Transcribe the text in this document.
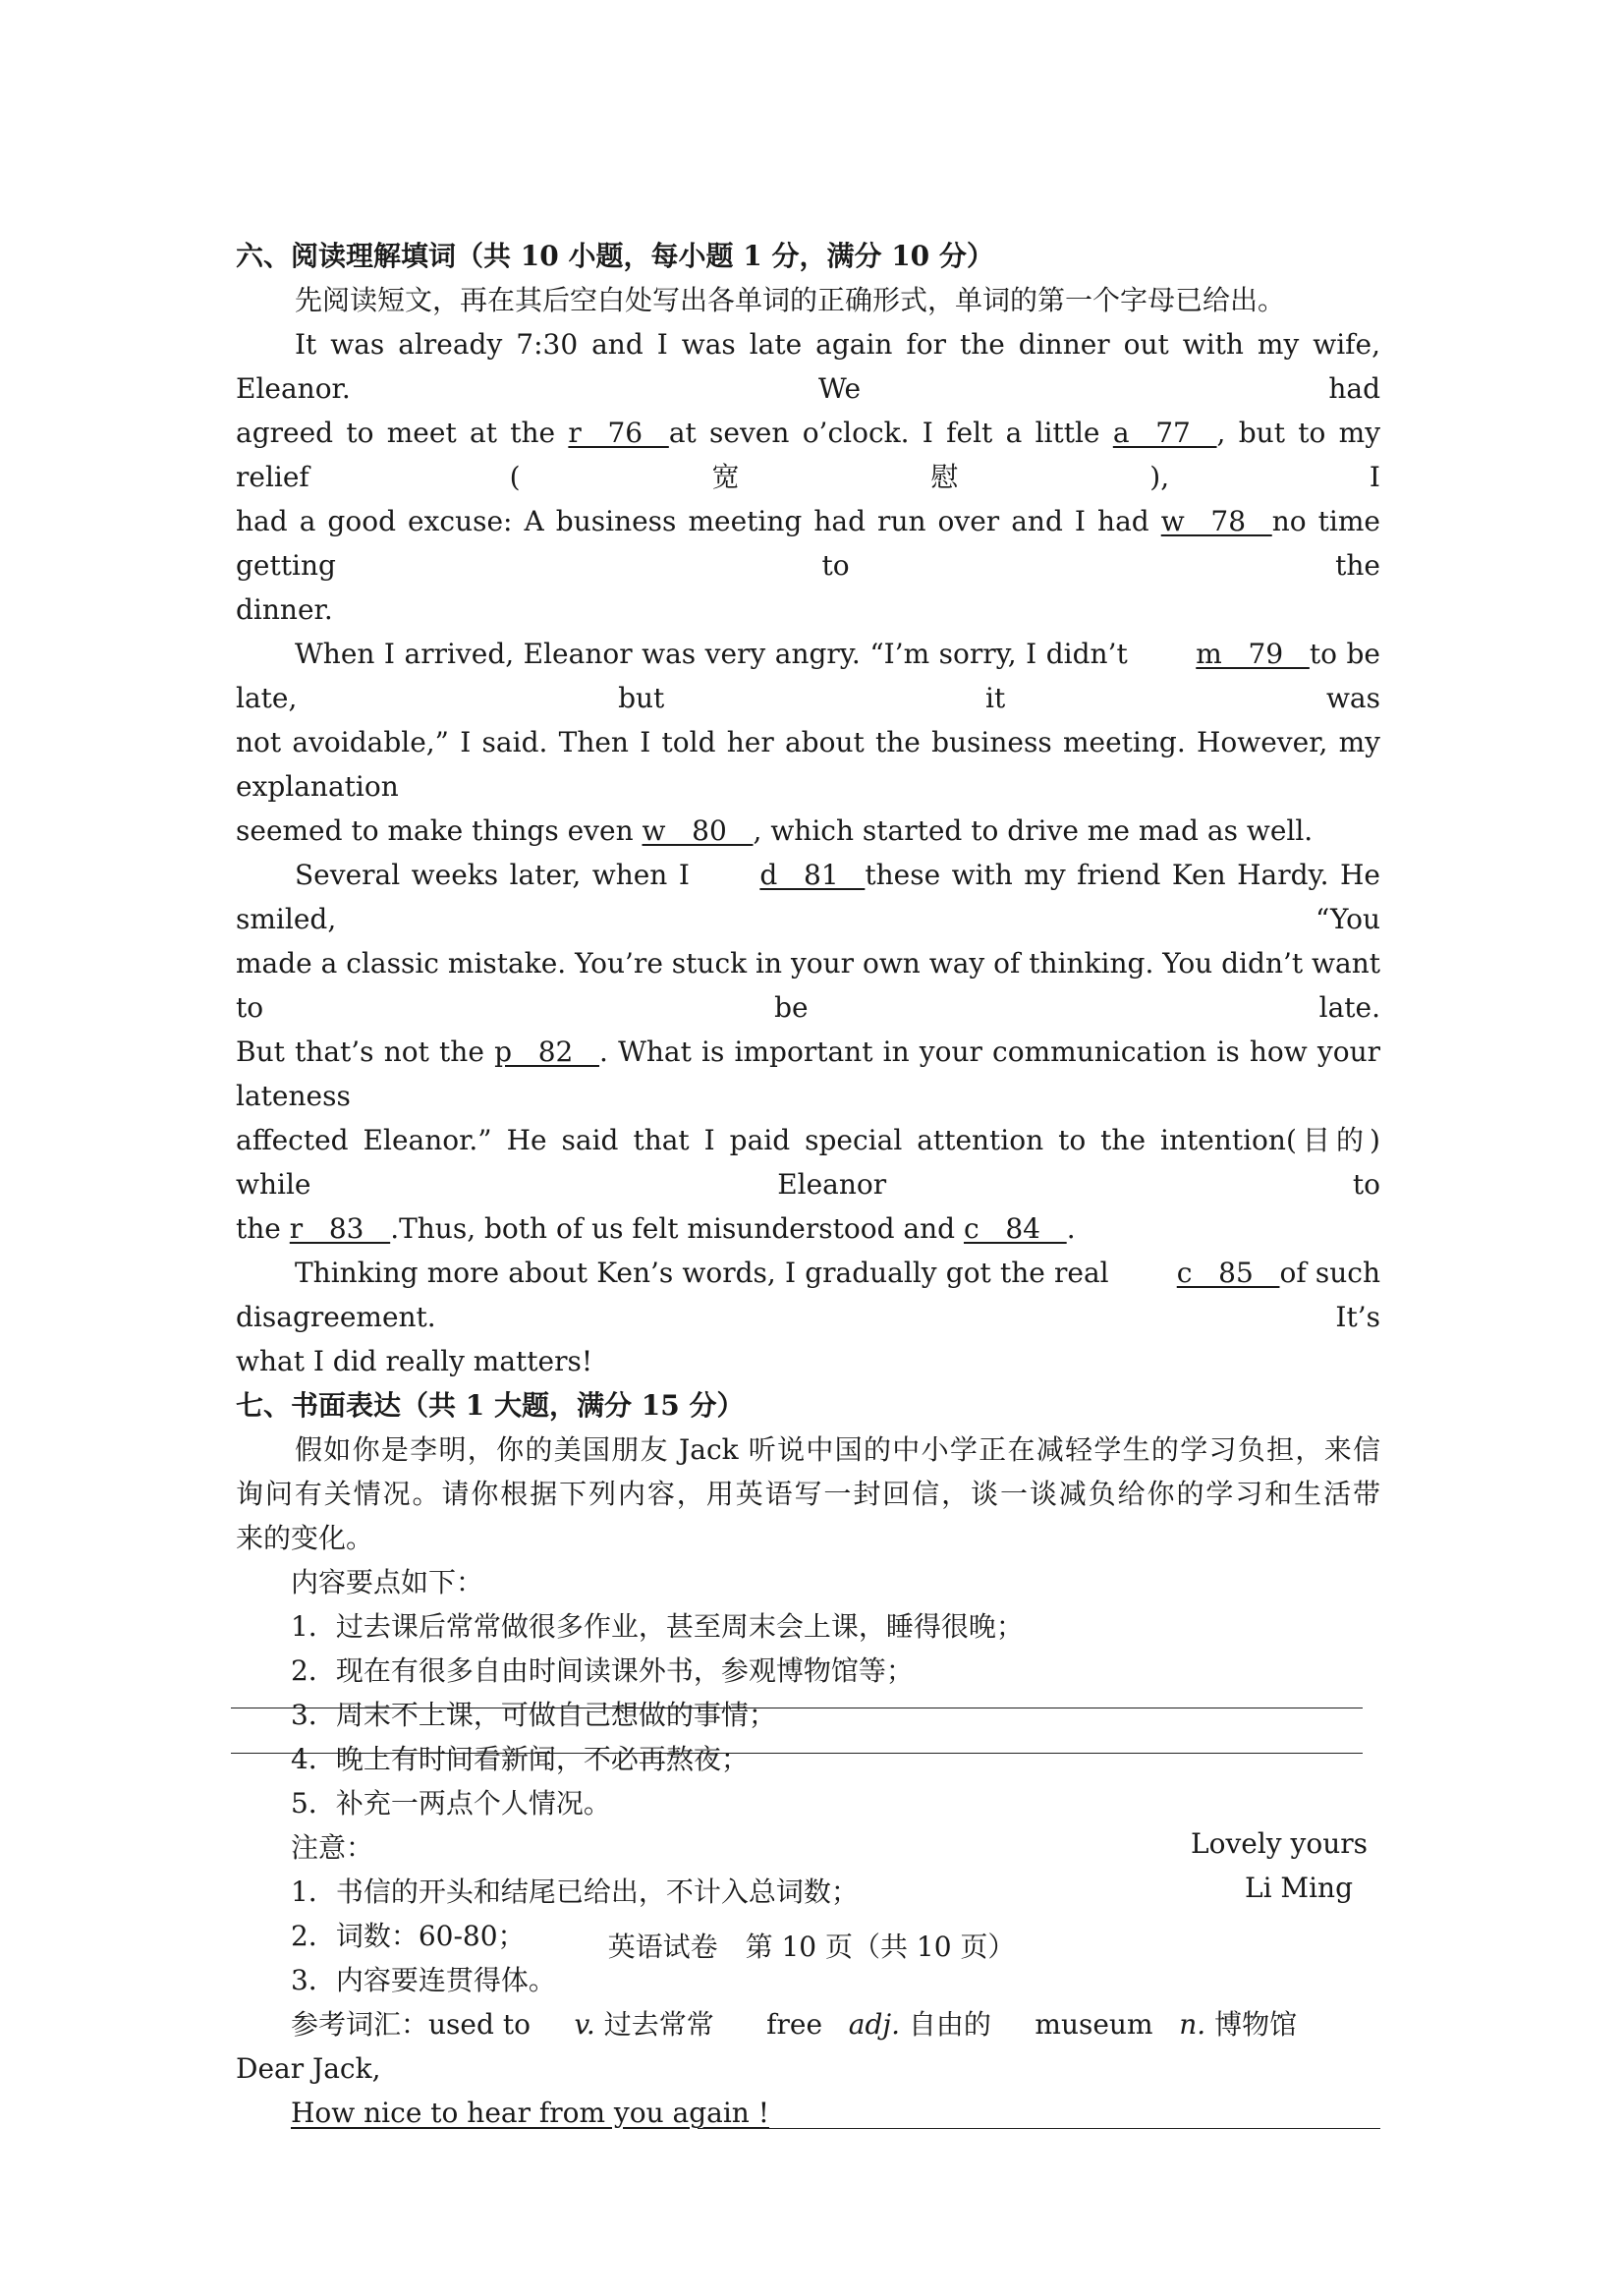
六、阅读理解填词（共 10 小题，每小题 1 分，满分 10 分）

先阅读短文，再在其后空白处写出各单词的正确形式，单词的第一个字母已给出。

It was already 7:30 and I was late again for the dinner out with my wife, Eleanor. We had

agreed to meet at the r   76   at seven o’clock. I felt a little a   77   , but to my relief (宽慰), I

had a good excuse: A business meeting had run over and I had w   78   no time getting to the

dinner.

When I arrived, Eleanor was very angry. “I’m sorry, I didn’t m   79   to be late, but it was

not avoidable,” I said. Then I told her about the business meeting. However, my explanation

seemed to make things even w   80   , which started to drive me mad as well.

Several weeks later, when I d   81   these with my friend Ken Hardy. He smiled, “You

made a classic mistake. You’re stuck in your own way of thinking. You didn’t want to be late.

But that’s not the p   82   . What is important in your communication is how your lateness

affected Eleanor.” He said that I paid special attention to the intention(目的) while Eleanor to

the r   83   .Thus, both of us felt misunderstood and c   84   .

Thinking more about Ken’s words, I gradually got the real c   85   of such disagreement. It’s

what I did really matters!

七、书面表达（共 1 大题，满分 15 分）

假如你是李明，你的美国朋友 Jack 听说中国的中小学正在减轻学生的学习负担，来信

询问有关情况。请你根据下列内容，用英语写一封回信，谈一谈减负给你的学习和生活带

来的变化。

内容要点如下：

1．过去课后常常做很多作业，甚至周末会上课，睡得很晚；

2．现在有很多自由时间读课外书，参观博物馆等；

3．周末不上课，可做自己想做的事情；

4．晚上有时间看新闻，不必再熬夜；

5．补充一两点个人情况。

注意：

1．书信的开头和结尾已给出，不计入总词数；

2．词数：60-80；

3．内容要连贯得体。

参考词汇：used to v. 过去常常 free adj. 自由的 museum n. 博物馆

Dear Jack,

How nice to hear from you again !

Lovely yours
Li Ming
英语试卷　第 10 页（共 10 页）
